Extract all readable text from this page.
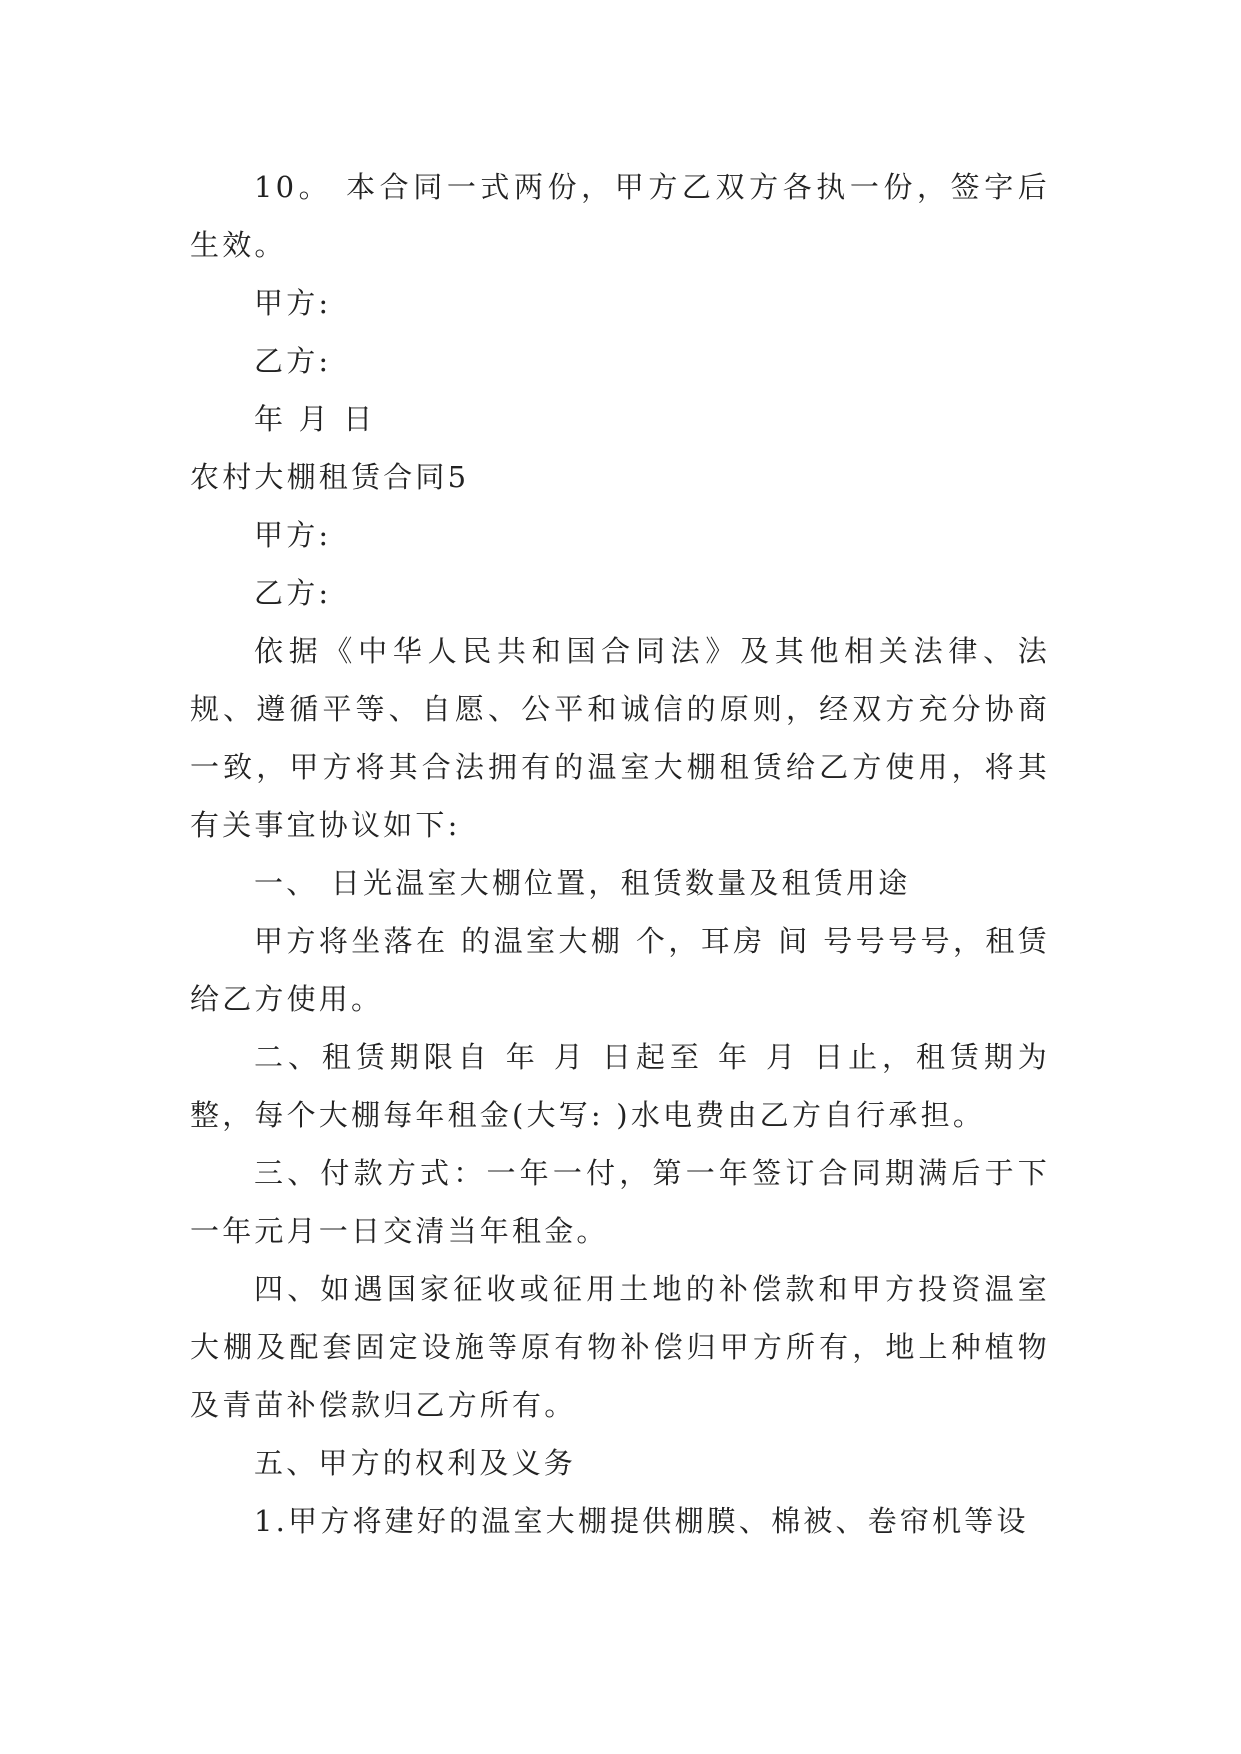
10。 本合同一式两份，甲方乙双方各执一份，签字后生效。

甲方:

乙方:

年 月 日

农村大棚租赁合同5

甲方:

乙方:

依据《中华人民共和国合同法》及其他相关法律、法规、遵循平等、自愿、公平和诚信的原则，经双方充分协商一致，甲方将其合法拥有的温室大棚租赁给乙方使用，将其有关事宜协议如下:

一、 日光温室大棚位置，租赁数量及租赁用途

甲方将坐落在 的温室大棚 个，耳房 间 号号号号，租赁给乙方使用。

二、租赁期限自 年 月 日起至 年 月 日止，租赁期为整，每个大棚每年租金(大写: )水电费由乙方自行承担。

三、付款方式：一年一付，第一年签订合同期满后于下一年元月一日交清当年租金。

四、如遇国家征收或征用土地的补偿款和甲方投资温室大棚及配套固定设施等原有物补偿归甲方所有，地上种植物及青苗补偿款归乙方所有。

五、甲方的权利及义务

1.甲方将建好的温室大棚提供棚膜、棉被、卷帘机等设
